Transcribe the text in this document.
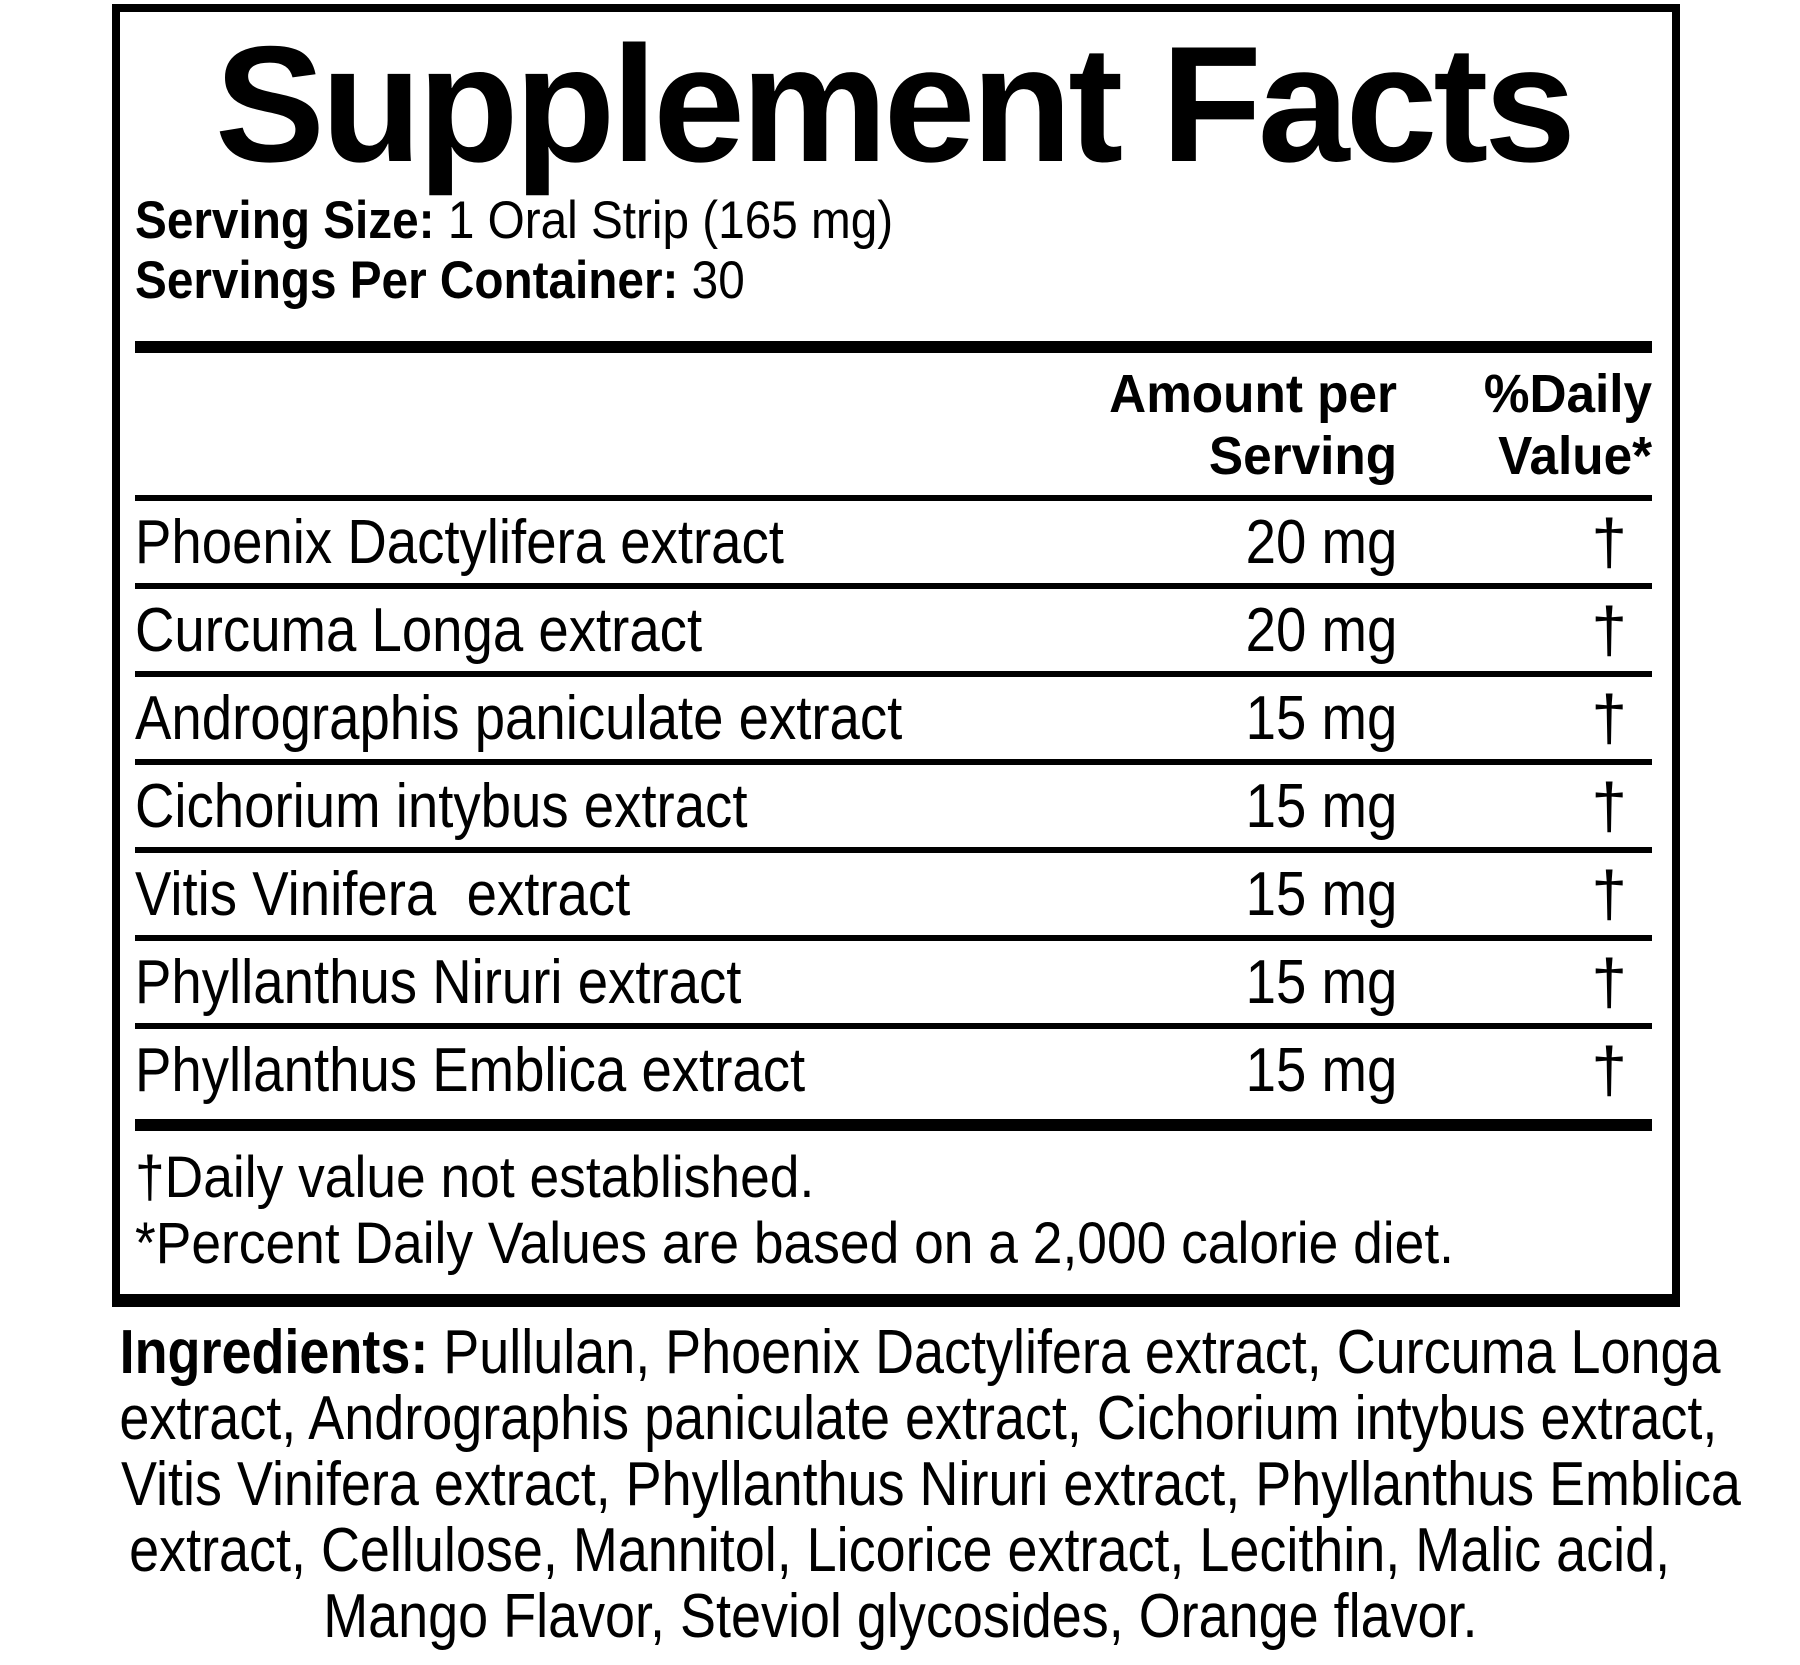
Supplement Facts
Serving Size: 1 Oral Strip (165 mg)
Servings Per Container: 30
Amount per
Serving
%Daily
Value*
Phoenix Dactylifera extract	20 mg	†
Curcuma Longa extract	20 mg	†
Andrographis paniculate extract	15 mg	†
Cichorium intybus extract	15 mg	†
Vitis Vinifera  extract	15 mg	†
Phyllanthus Niruri extract	15 mg	†
Phyllanthus Emblica extract	15 mg	†
†Daily value not established.
*Percent Daily Values are based on a 2,000 calorie diet.
Ingredients: Pullulan, Phoenix Dactylifera extract, Curcuma Longa
extract, Andrographis paniculate extract, Cichorium intybus extract,
Vitis Vinifera extract, Phyllanthus Niruri extract, Phyllanthus Emblica
extract, Cellulose, Mannitol, Licorice extract, Lecithin, Malic acid,
Mango Flavor, Steviol glycosides, Orange flavor.
